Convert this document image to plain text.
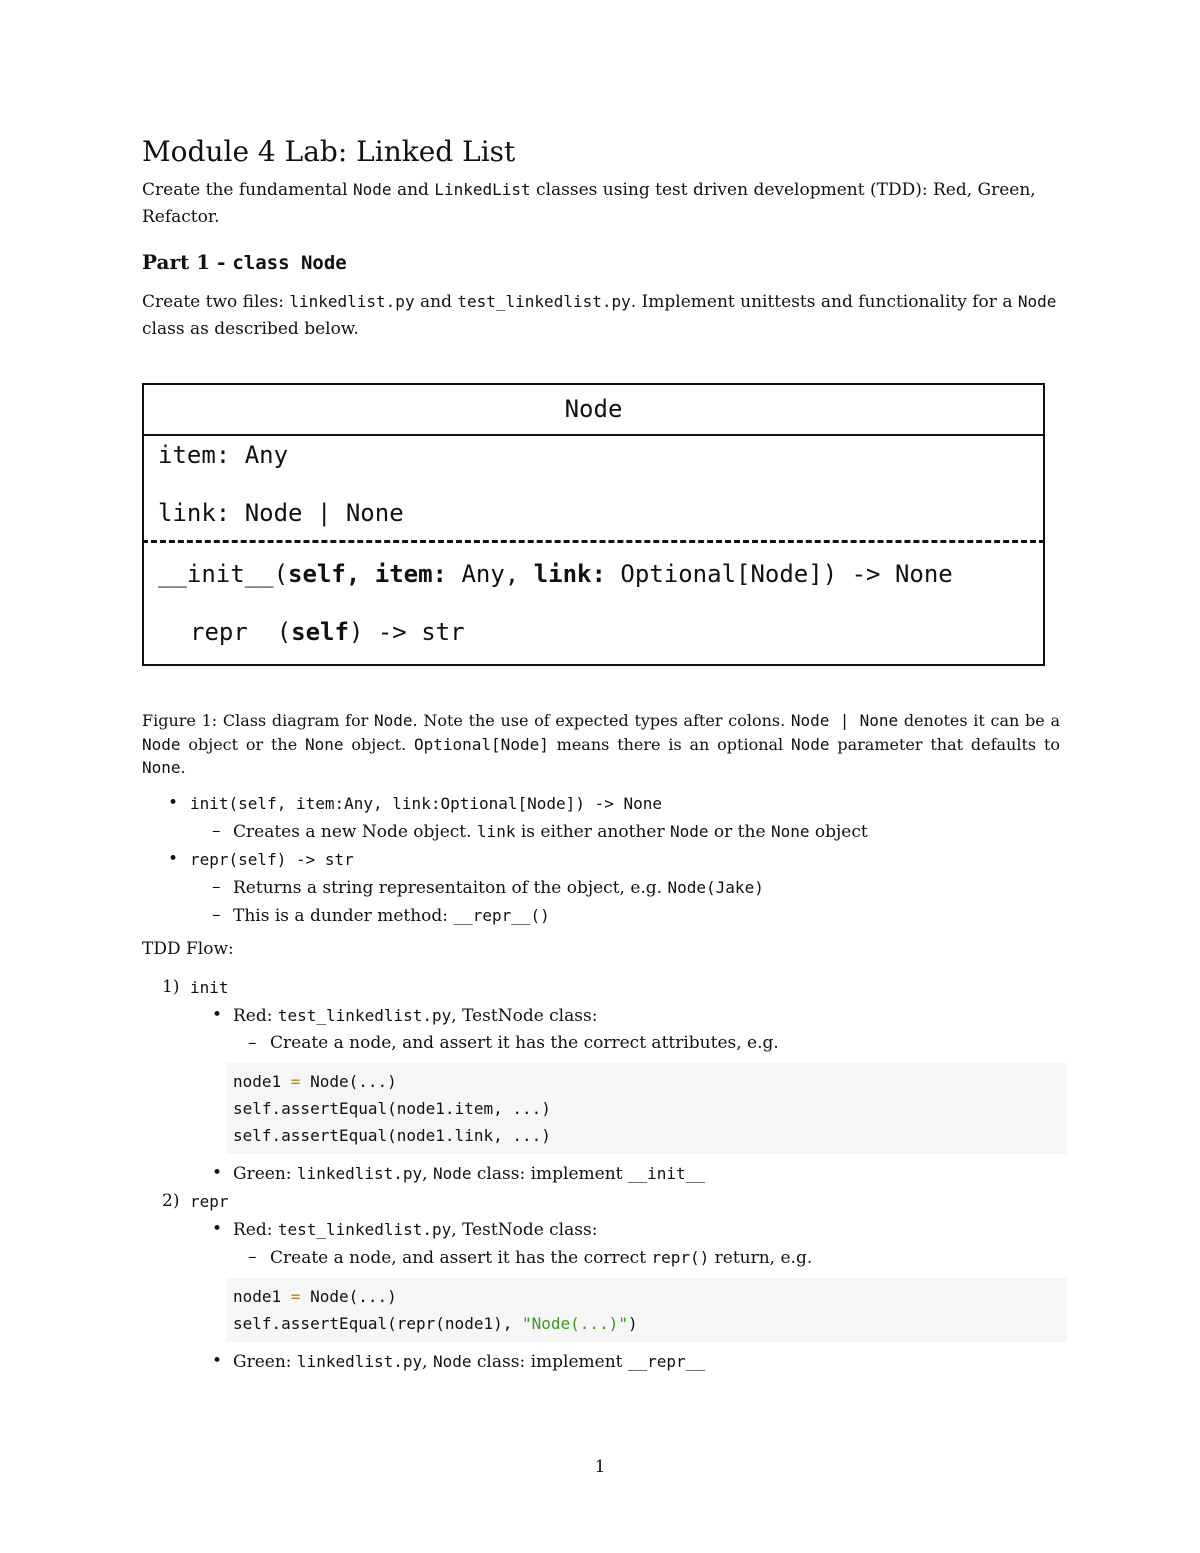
Module 4 Lab: Linked List

Create the fundamental Node and LinkedList classes using test driven development (TDD): Red, Green, Refactor.

Part 1 - class Node

Create two files: linkedlist.py and test_linkedlist.py. Implement unittests and functionality for a Node class as described below.

Node
item: Any
link: Node | None
__init__(self, item: Any, link: Optional[Node]) -> None
repr  (self) -> str

Figure 1: Class diagram for Node. Note the use of expected types after colons. Node | None denotes it can be a Node object or the None object. Optional[Node] means there is an optional Node parameter that defaults to None.

• init(self, item:Any, link:Optional[Node]) -> None
– Creates a new Node object. link is either another Node or the None object
• repr(self) -> str
– Returns a string representaiton of the object, e.g. Node(Jake)
– This is a dunder method: __repr__()

TDD Flow:

1) init
• Red: test_linkedlist.py, TestNode class:
– Create a node, and assert it has the correct attributes, e.g.
node1 = Node(...)
self.assertEqual(node1.item, ...)
self.assertEqual(node1.link, ...)
• Green: linkedlist.py, Node class: implement __init__
2) repr
• Red: test_linkedlist.py, TestNode class:
– Create a node, and assert it has the correct repr() return, e.g.
node1 = Node(...)
self.assertEqual(repr(node1), "Node(...)")
• Green: linkedlist.py, Node class: implement __repr__
1
